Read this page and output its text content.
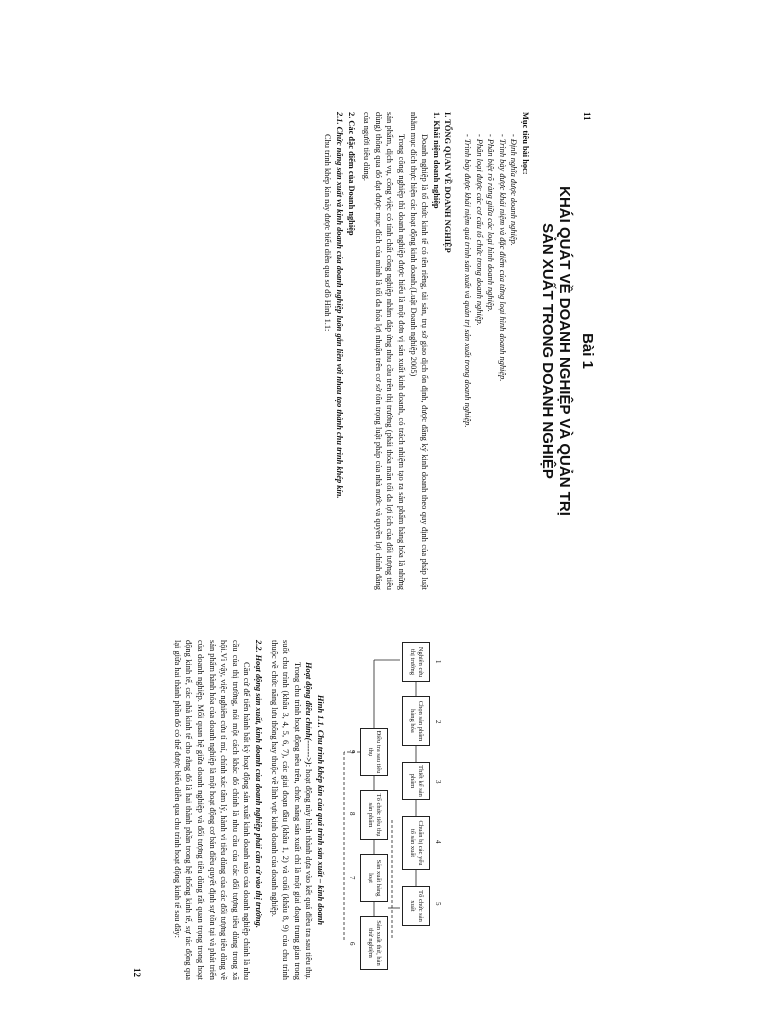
Bài 1
KHÁI QUÁT VỀ DOANH NGHIỆP VÀ QUẢN TRỊ
SẢN XUẤT TRONG DOANH NGHIỆP
Mục tiêu bài học:
- Định nghĩa được doanh nghiệp.
- Trình bày được khái niệm và đặc điểm của từng loại hình doanh nghiệp.
- Phân biệt rõ ràng giữa các loại hình doanh nghiệp.
- Phân loại được các cơ cấu tổ chức trong doanh nghiệp.
- Trình bày được khái niệm quá trình sản xuất và quản trị sản xuất trong doanh nghiệp.
I. TỔNG QUAN VỀ DOANH NGHIỆP
1. Khái niệm doanh nghiệp
Doanh nghiệp là tổ chức kinh tế có tên riêng, tài sản, trụ sở giao dịch ổn định, được đăng ký kinh doanh theo quy định của pháp luật nhằm mục đích thực hiện các hoạt động kinh doanh.(Luật Doanh nghiệp 2005)
Trong công nghiệp thì doanh nghiệp được hiểu là một đơn vị sản xuất kinh doanh, có trách nhiệm tạo ra sản phẩm hàng hóa là những sản phẩm, dịch vụ, công việc có tính chất công nghiệp nhằm đáp ứng nhu cầu trên thị trường (phải thỏa mãn tối đa lợi ích của đối tượng tiêu dùng) thông qua đó đạt được mục đích của mình là tối đa hóa lợi nhuận trên cơ sở tôn trọng luật pháp của nhà nước và quyền lợi chính đáng của người tiêu dùng.
2. Các đặc điểm của Doanh nghiệp
2.1. Chức năng sản xuất và kinh doanh của doanh nghiệp luôn gắn liền với nhau tạo thành chu trình khép kín.
Chu trình khép kín này được biểu diễn qua sơ đồ Hình 1.1:
11
1
2
3
4
5
Nghiên cứu thị trường
Chọn sản phẩm hàng hóa
Thiết kế sản phẩm
Chuẩn bị các yếu tố sản xuất
Tổ chức sản xuất
Điều tra sau tiêu thụ
Tổ chức tiêu thụ sản phẩm
Sản xuất hàng loạt
Sản xuất thử, hàn thử nghiệm
9
8
7
6
Hình 1.1. Chu trình khép kín của quá trình sản xuất – kinh doanh
Hoạt động điều chỉnh(------>): hoạt động này hình thành dựa vào kết quả điều tra sau tiêu thụ.
Trong chu trình hoạt động nêu trên, chức năng sản xuất chỉ là một giai đoạn trung gian trong suốt chu trình (khâu 3, 4, 5, 6, 7), các giai đoạn đầu (khâu 1, 2) và cuối (khâu 8, 9) của chu trình thuộc về chức năng lưu thông hay thuộc về lĩnh vực kinh doanh của doanh nghiệp.
2.2. Hoạt động sản xuất, kinh doanh của doanh nghiệp phải căn cứ vào thị trường.
Căn cứ để tiến hành bất kỳ hoạt động sản xuất kinh doanh nào của doanh nghiệp chính là nhu cầu của thị trường, nói một cách khác đó chính là nhu cầu của các đối tượng tiêu dùng trong xã hội.Vì vậy, việc nghiên cứu tỉ mỉ, chính xác tâm lý, hành vi tiêu dùng của các đối tượng tiêu dùng về sản phẩm hành hóa của doanh nghiệp là một hoạt động cơ bản điều quyết định sự tồn tại và phát triển của doanh nghiệp. Mối quan hệ giữa doanh nghiệp và đối tượng tiêu dùng rất quan trọng trong hoạt động kinh tế, các nhà kinh tế cho rằng đó là hai thành phần trong hệ thống kinh tế, sự tác động qua lại giữa hai thành phần đó có thể được biểu diễn qua chu trình hoạt động kinh tế sau đây:
12
